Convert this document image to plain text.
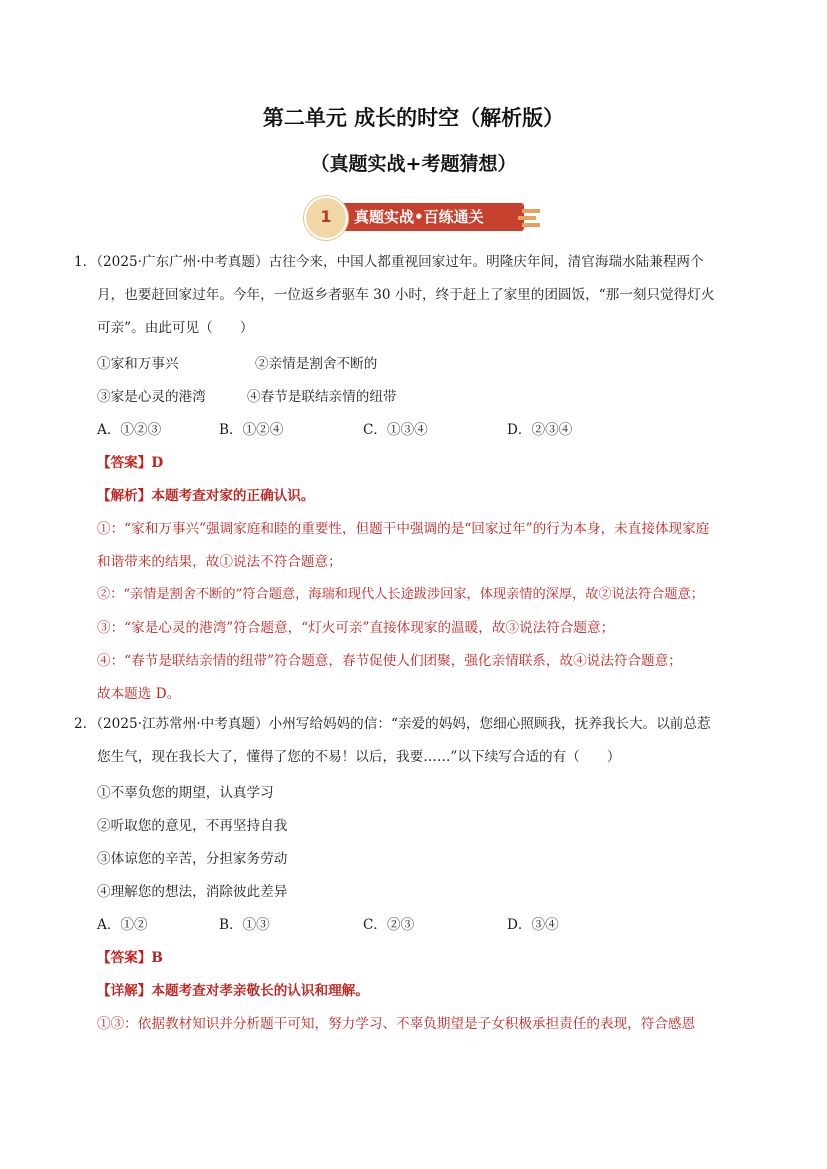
第二单元 成长的时空（解析版）
（真题实战+考题猜想）
1	真题实战•百练通关
1．（2025·广东广州·中考真题）古往今来，中国人都重视回家过年。明隆庆年间，清官海瑞水陆兼程两个
月，也要赶回家过年。今年，一位返乡者驱车 30 小时，终于赶上了家里的团圆饭，“那一刻只觉得灯火
可亲”。由此可见（　　）
①家和万事兴	②亲情是割舍不断的
③家是心灵的港湾	④春节是联结亲情的纽带
A．①②③	B．①②④	C．①③④	D．②③④
【答案】D
【解析】本题考查对家的正确认识。
①：“家和万事兴”强调家庭和睦的重要性，但题干中强调的是“回家过年”的行为本身，未直接体现家庭
和谐带来的结果，故①说法不符合题意；
②：“亲情是割舍不断的”符合题意，海瑞和现代人长途跋涉回家，体现亲情的深厚，故②说法符合题意；
③：“家是心灵的港湾”符合题意，“灯火可亲”直接体现家的温暖，故③说法符合题意；
④：“春节是联结亲情的纽带”符合题意，春节促使人们团聚，强化亲情联系，故④说法符合题意；
故本题选 D。
2．（2025·江苏常州·中考真题）小州写给妈妈的信：“亲爱的妈妈，您细心照顾我，抚养我长大。以前总惹
您生气，现在我长大了，懂得了您的不易！以后，我要……”以下续写合适的有（　　）
①不辜负您的期望，认真学习
②听取您的意见，不再坚持自我
③体谅您的辛苦，分担家务劳动
④理解您的想法，消除彼此差异
A．①②	B．①③	C．②③	D．③④
【答案】B
【详解】本题考查对孝亲敬长的认识和理解。
①③：依据教材知识并分析题干可知，努力学习、不辜负期望是子女积极承担责任的表现，符合感恩
